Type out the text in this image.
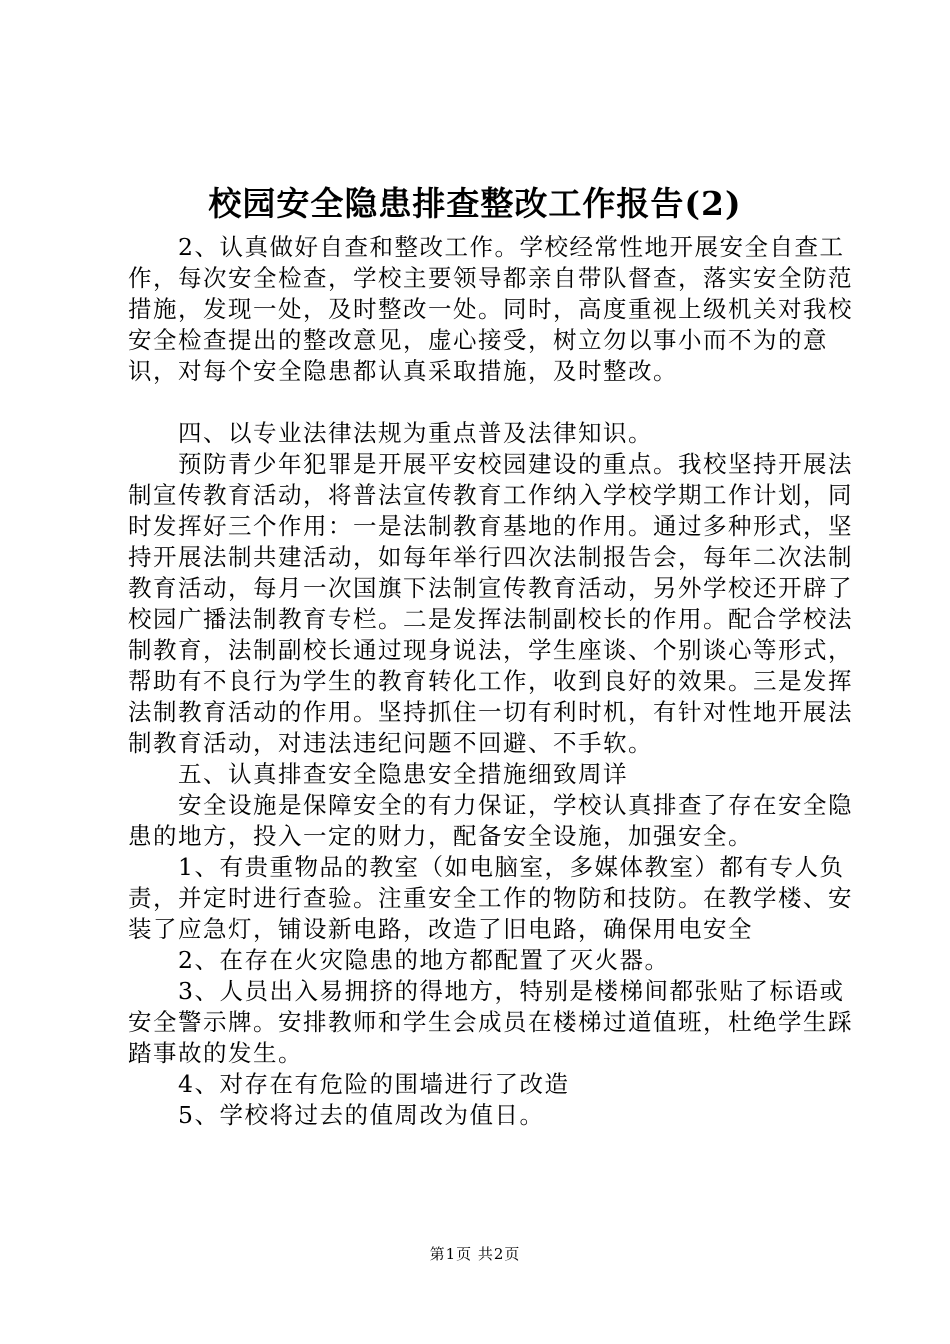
校园安全隐患排查整改工作报告(2)

2、认真做好自查和整改工作。学校经常性地开展安全自查工作，每次安全检查，学校主要领导都亲自带队督查，落实安全防范措施，发现一处，及时整改一处。同时，高度重视上级机关对我校安全检查提出的整改意见，虚心接受，树立勿以事小而不为的意识，对每个安全隐患都认真采取措施，及时整改。

四、以专业法律法规为重点普及法律知识。

预防青少年犯罪是开展平安校园建设的重点。我校坚持开展法制宣传教育活动，将普法宣传教育工作纳入学校学期工作计划，同时发挥好三个作用：一是法制教育基地的作用。通过多种形式，坚持开展法制共建活动，如每年举行四次法制报告会，每年二次法制教育活动，每月一次国旗下法制宣传教育活动，另外学校还开辟了校园广播法制教育专栏。二是发挥法制副校长的作用。配合学校法制教育，法制副校长通过现身说法，学生座谈、个别谈心等形式，帮助有不良行为学生的教育转化工作，收到良好的效果。三是发挥法制教育活动的作用。坚持抓住一切有利时机，有针对性地开展法制教育活动，对违法违纪问题不回避、不手软。

五、认真排查安全隐患安全措施细致周详

安全设施是保障安全的有力保证，学校认真排查了存在安全隐患的地方，投入一定的财力，配备安全设施，加强安全。

1、有贵重物品的教室（如电脑室，多媒体教室）都有专人负责，并定时进行查验。注重安全工作的物防和技防。在教学楼、安装了应急灯，铺设新电路，改造了旧电路，确保用电安全

2、在存在火灾隐患的地方都配置了灭火器。

3、人员出入易拥挤的得地方，特别是楼梯间都张贴了标语或安全警示牌。安排教师和学生会成员在楼梯过道值班，杜绝学生踩踏事故的发生。

4、对存在有危险的围墙进行了改造

5、学校将过去的值周改为值日。

第1页 共2页
